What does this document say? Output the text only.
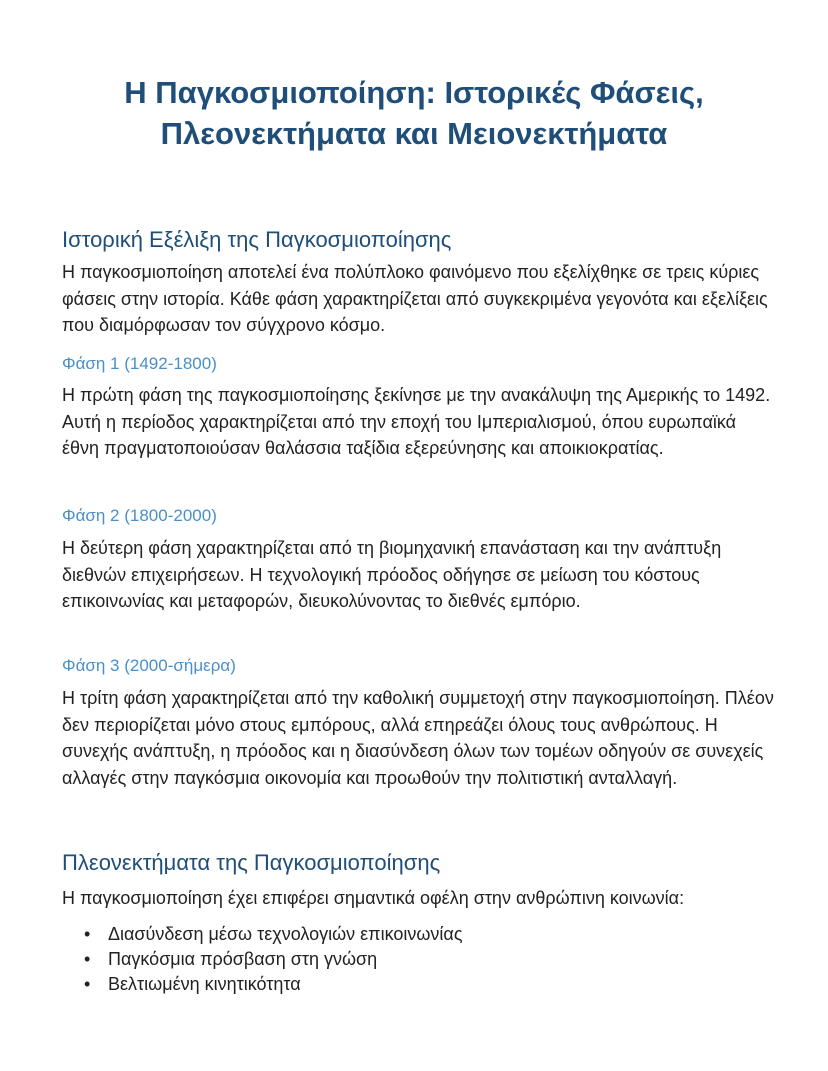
Η Παγκοσμιοποίηση: Ιστορικές Φάσεις,
Πλεονεκτήματα και Μειονεκτήματα
Ιστορική Εξέλιξη της Παγκοσμιοποίησης

Η παγκοσμιοποίηση αποτελεί ένα πολύπλοκο φαινόμενο που εξελίχθηκε σε τρεις κύριες φάσεις στην ιστορία. Κάθε φάση χαρακτηρίζεται από συγκεκριμένα γεγονότα και εξελίξεις που διαμόρφωσαν τον σύγχρονο κόσμο.

Φάση 1 (1492-1800)

Η πρώτη φάση της παγκοσμιοποίησης ξεκίνησε με την ανακάλυψη της Αμερικής το 1492. Αυτή η περίοδος χαρακτηρίζεται από την εποχή του Ιμπεριαλισμού, όπου ευρωπαϊκά έθνη πραγματοποιούσαν θαλάσσια ταξίδια εξερεύνησης και αποικιοκρατίας.

Φάση 2 (1800-2000)

Η δεύτερη φάση χαρακτηρίζεται από τη βιομηχανική επανάσταση και την ανάπτυξη διεθνών επιχειρήσεων. Η τεχνολογική πρόοδος οδήγησε σε μείωση του κόστους επικοινωνίας και μεταφορών, διευκολύνοντας το διεθνές εμπόριο.

Φάση 3 (2000-σήμερα)

Η τρίτη φάση χαρακτηρίζεται από την καθολική συμμετοχή στην παγκοσμιοποίηση. Πλέον δεν περιορίζεται μόνο στους εμπόρους, αλλά επηρεάζει όλους τους ανθρώπους. Η συνεχής ανάπτυξη, η πρόοδος και η διασύνδεση όλων των τομέων οδηγούν σε συνεχείς αλλαγές στην παγκόσμια οικονομία και προωθούν την πολιτιστική ανταλλαγή.

Πλεονεκτήματα της Παγκοσμιοποίησης

Η παγκοσμιοποίηση έχει επιφέρει σημαντικά οφέλη στην ανθρώπινη κοινωνία:

• Διασύνδεση μέσω τεχνολογιών επικοινωνίας
• Παγκόσμια πρόσβαση στη γνώση
• Βελτιωμένη κινητικότητα
